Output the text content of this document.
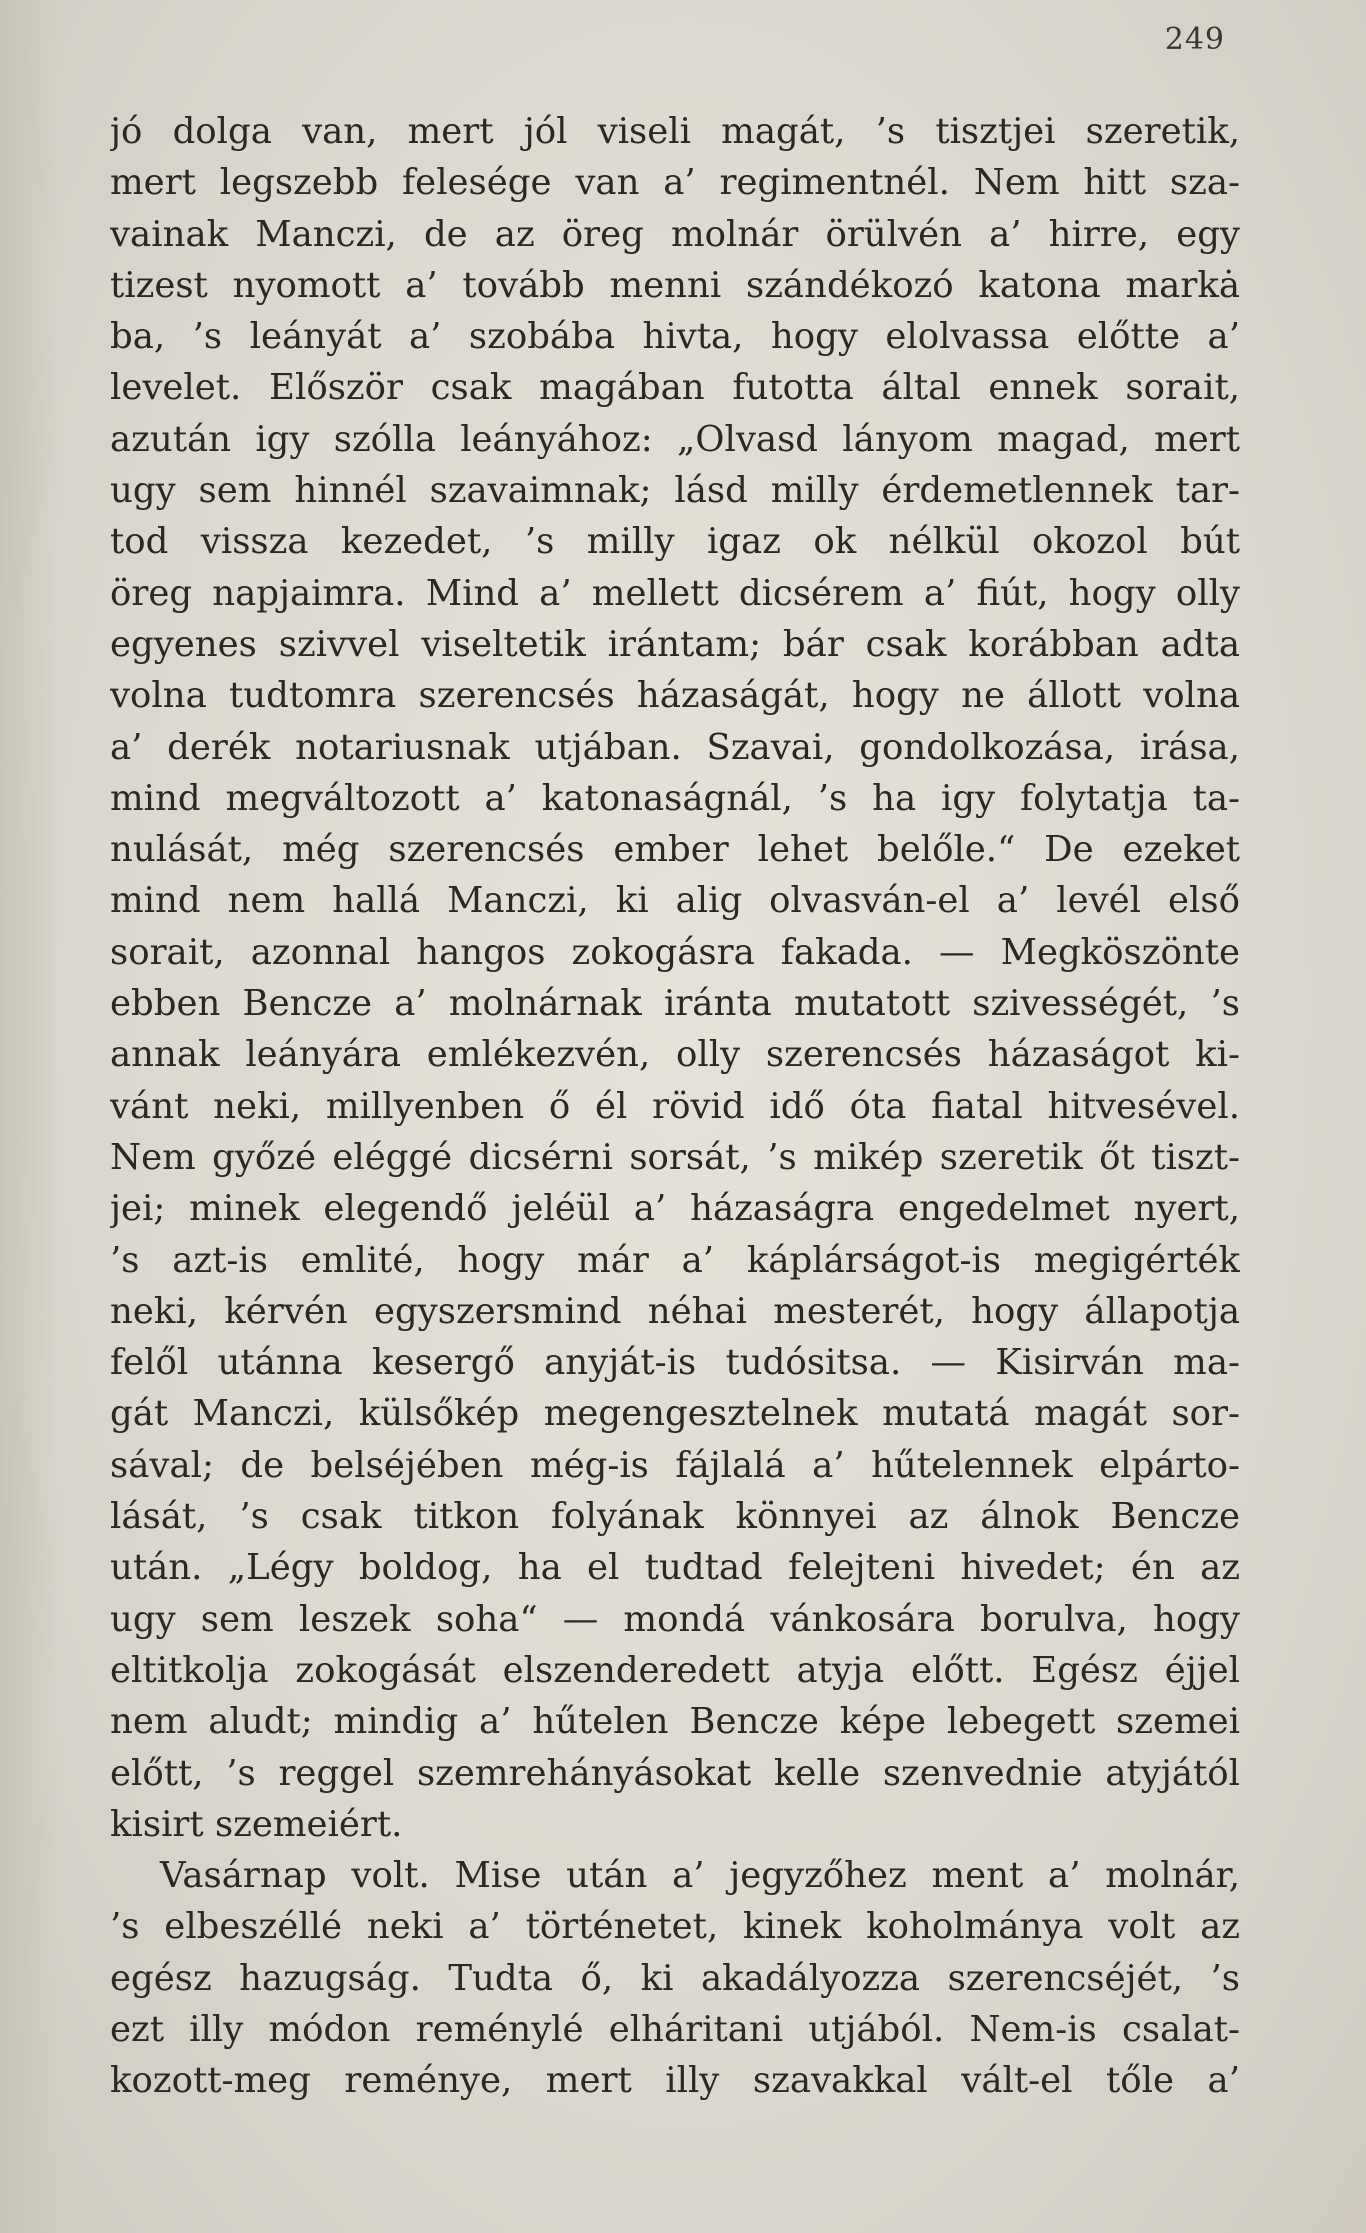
249
jó dolga van, mert jól viseli magát, ’s tisztjei szeretik,
mert legszebb felesége van a’ regimentnél. Nem hitt sza-
vainak Manczi, de az öreg molnár örülvén a’ hirre, egy
tizest nyomott a’ tovább menni szándékozó katona markȧ
ba, ’s leányát a’ szobába hivta, hogy elolvassa előtte a’
levelet. Először csak magában futotta által ennek sorait,
azután igy szólla leányához: „Olvasd lányom magad, mert
ugy sem hinnél szavaimnak; lásd milly érdemetlennek tar-
tod vissza kezedet, ’s milly igaz ok nélkül okozol bút
öreg napjaimra. Mind a’ mellett dicsérem a’ fiút, hogy olly
egyenes szivvel viseltetik irántam; bár csak korábban adta
volna tudtomra szerencsés házaságát, hogy ne állott volna
a’ derék notariusnak utjában. Szavai, gondolkozása, irása,
mind megváltozott a’ katonaságnál, ’s ha igy folytatja ta-
nulását, még szerencsés ember lehet belőle.“ De ezeket
mind nem hallá Manczi, ki alig olvasván-el a’ levél első
sorait, azonnal hangos zokogásra fakada. — Megköszönte
ebben Bencze a’ molnárnak iránta mutatott szivességét, ’s
annak leányára emlékezvén, olly szerencsés házaságot ki-
vánt neki, millyenben ő él rövid idő óta fiatal hitvesével.
Nem győzé eléggé dicsérni sorsát, ’s mikép szeretik őt tiszt-
jei; minek elegendő jeléül a’ házaságra engedelmet nyert,
’s azt-is emlité, hogy már a’ káplárságot-is megigérték
neki, kérvén egyszersmind néhai mesterét, hogy állapotja
felől utánna kesergő anyját-is tudósitsa. — Kisirván ma-
gát Manczi, külsőkép megengesztelnek mutatá magát sor-
sával; de belséjében még-is fájlalá a’ hűtelennek elpárto-
lását, ’s csak titkon folyának könnyei az álnok Bencze
után. „Légy boldog, ha el tudtad felejteni hivedet; én az
ugy sem leszek soha“ — mondá vánkosára borulva, hogy
eltitkolja zokogását elszenderedett atyja előtt. Egész éjjel
nem aludt; mindig a’ hűtelen Bencze képe lebegett szemei
előtt, ’s reggel szemrehányásokat kelle szenvednie atyjától
kisirt szemeiért.
Vasárnap volt. Mise után a’ jegyzőhez ment a’ molnár,
’s elbeszéllé neki a’ történetet, kinek koholmánya volt az
egész hazugság. Tudta ő, ki akadályozza szerencséjét, ’s
ezt illy módon reménylé elháritani utjából. Nem-is csalat-
kozott-meg reménye, mert illy szavakkal vált-el tőle a’
